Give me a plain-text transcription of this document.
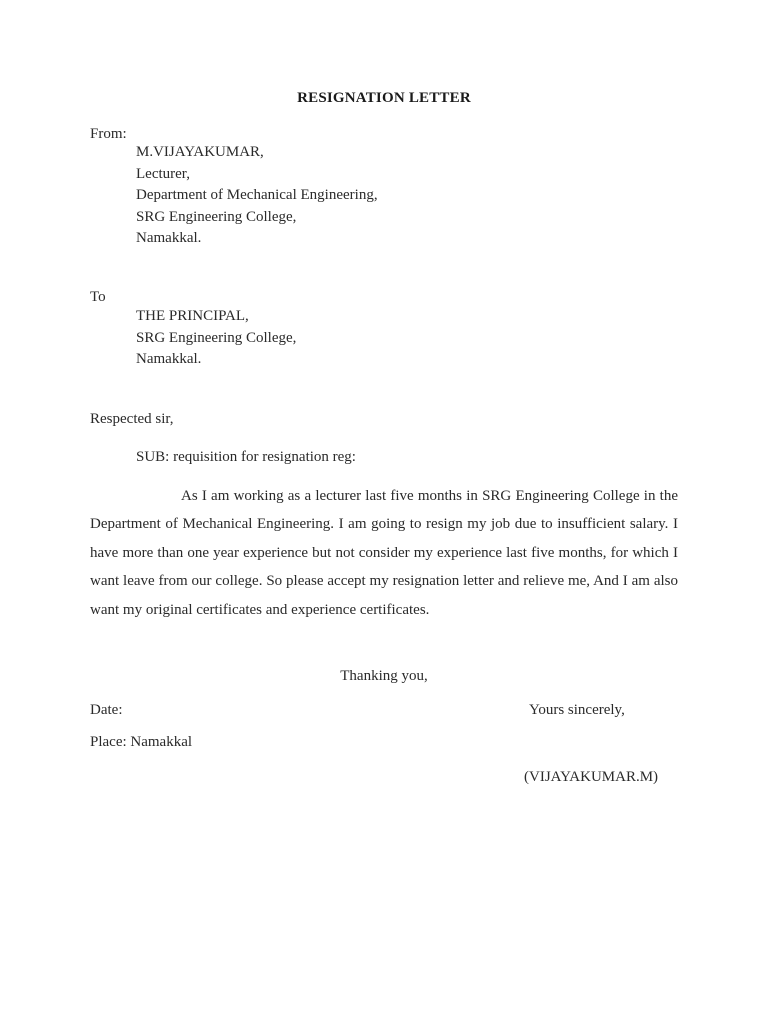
RESIGNATION LETTER
From:
M.VIJAYAKUMAR,
Lecturer,
Department of Mechanical Engineering,
SRG Engineering College,
Namakkal.
To
THE PRINCIPAL,
SRG Engineering College,
Namakkal.
Respected sir,
SUB: requisition for resignation reg:
As I am working as a lecturer last five months in SRG Engineering College in the Department of Mechanical Engineering. I am going to resign my job due to insufficient salary. I have more than one year experience but not consider my experience last five months, for which I want leave from our college. So please accept my resignation letter and relieve me, And I am also want my original certificates and experience certificates.
Thanking you,
Date:	Yours sincerely,
Place: Namakkal
(VIJAYAKUMAR.M)
